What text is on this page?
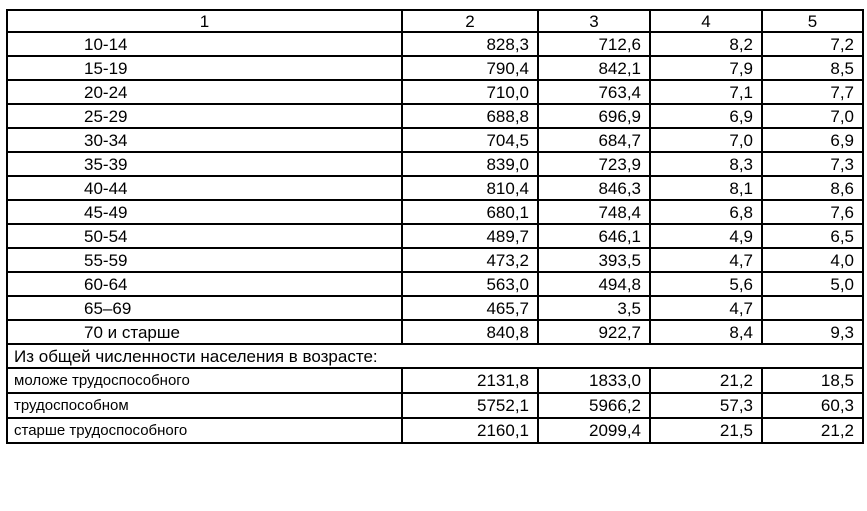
1	2	3	4	5
10-14	828,3	712,6	8,2	7,2
15-19	790,4	842,1	7,9	8,5
20-24	710,0	763,4	7,1	7,7
25-29	688,8	696,9	6,9	7,0
30-34	704,5	684,7	7,0	6,9
35-39	839,0	723,9	8,3	7,3
40-44	810,4	846,3	8,1	8,6
45-49	680,1	748,4	6,8	7,6
50-54	489,7	646,1	4,9	6,5
55-59	473,2	393,5	4,7	4,0
60-64	563,0	494,8	5,6	5,0
65–69	465,7	3,5	4,7	
70 и старше	840,8	922,7	8,4	9,3
Из общей численности населения в возрасте:				
моложе трудоспособного	2131,8	1833,0	21,2	18,5
трудоспособном	5752,1	5966,2	57,3	60,3
старше трудоспособного	2160,1	2099,4	21,5	21,2
